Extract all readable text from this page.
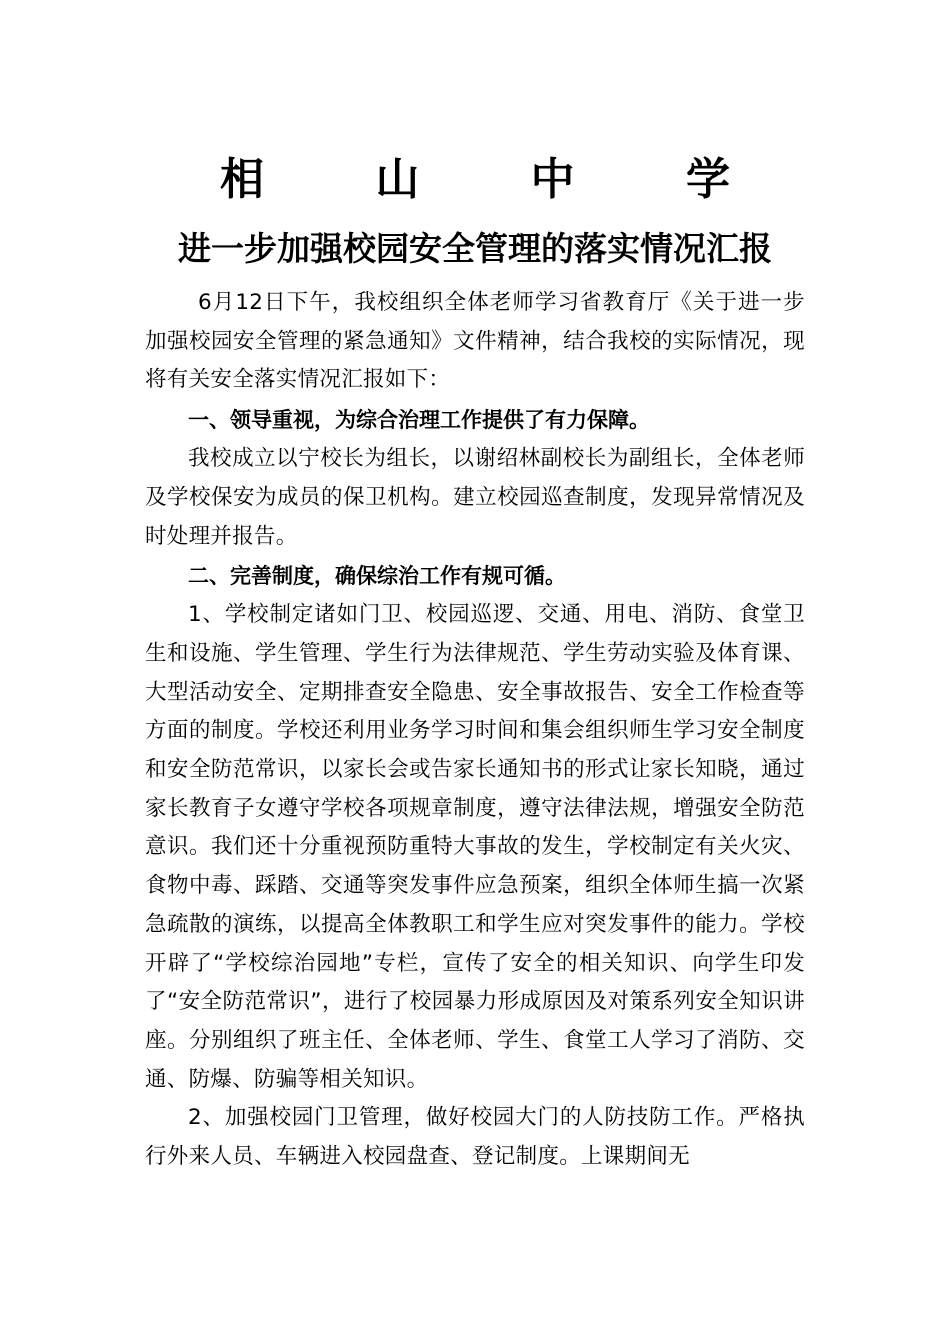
相 山 中 学
进一步加强校园安全管理的落实情况汇报

6月12日下午，我校组织全体老师学习省教育厅《关于进一步加强校园安全管理的紧急通知》文件精神，结合我校的实际情况，现将有关安全落实情况汇报如下：

一、领导重视，为综合治理工作提供了有力保障。

我校成立以宁校长为组长，以谢绍林副校长为副组长，全体老师及学校保安为成员的保卫机构。建立校园巡查制度，发现异常情况及时处理并报告。

二、完善制度，确保综治工作有规可循。

1、学校制定诸如门卫、校园巡逻、交通、用电、消防、食堂卫生和设施、学生管理、学生行为法律规范、学生劳动实验及体育课、大型活动安全、定期排查安全隐患、安全事故报告、安全工作检查等方面的制度。学校还利用业务学习时间和集会组织师生学习安全制度和安全防范常识，以家长会或告家长通知书的形式让家长知晓，通过家长教育子女遵守学校各项规章制度，遵守法律法规，增强安全防范意识。我们还十分重视预防重特大事故的发生，学校制定有关火灾、食物中毒、踩踏、交通等突发事件应急预案，组织全体师生搞一次紧急疏散的演练，以提高全体教职工和学生应对突发事件的能力。学校开辟了“学校综治园地”专栏，宣传了安全的相关知识、向学生印发了“安全防范常识”，进行了校园暴力形成原因及对策系列安全知识讲座。分别组织了班主任、全体老师、学生、食堂工人学习了消防、交通、防爆、防骗等相关知识。

2、加强校园门卫管理，做好校园大门的人防技防工作。严格执行外来人员、车辆进入校园盘查、登记制度。上课期间无
